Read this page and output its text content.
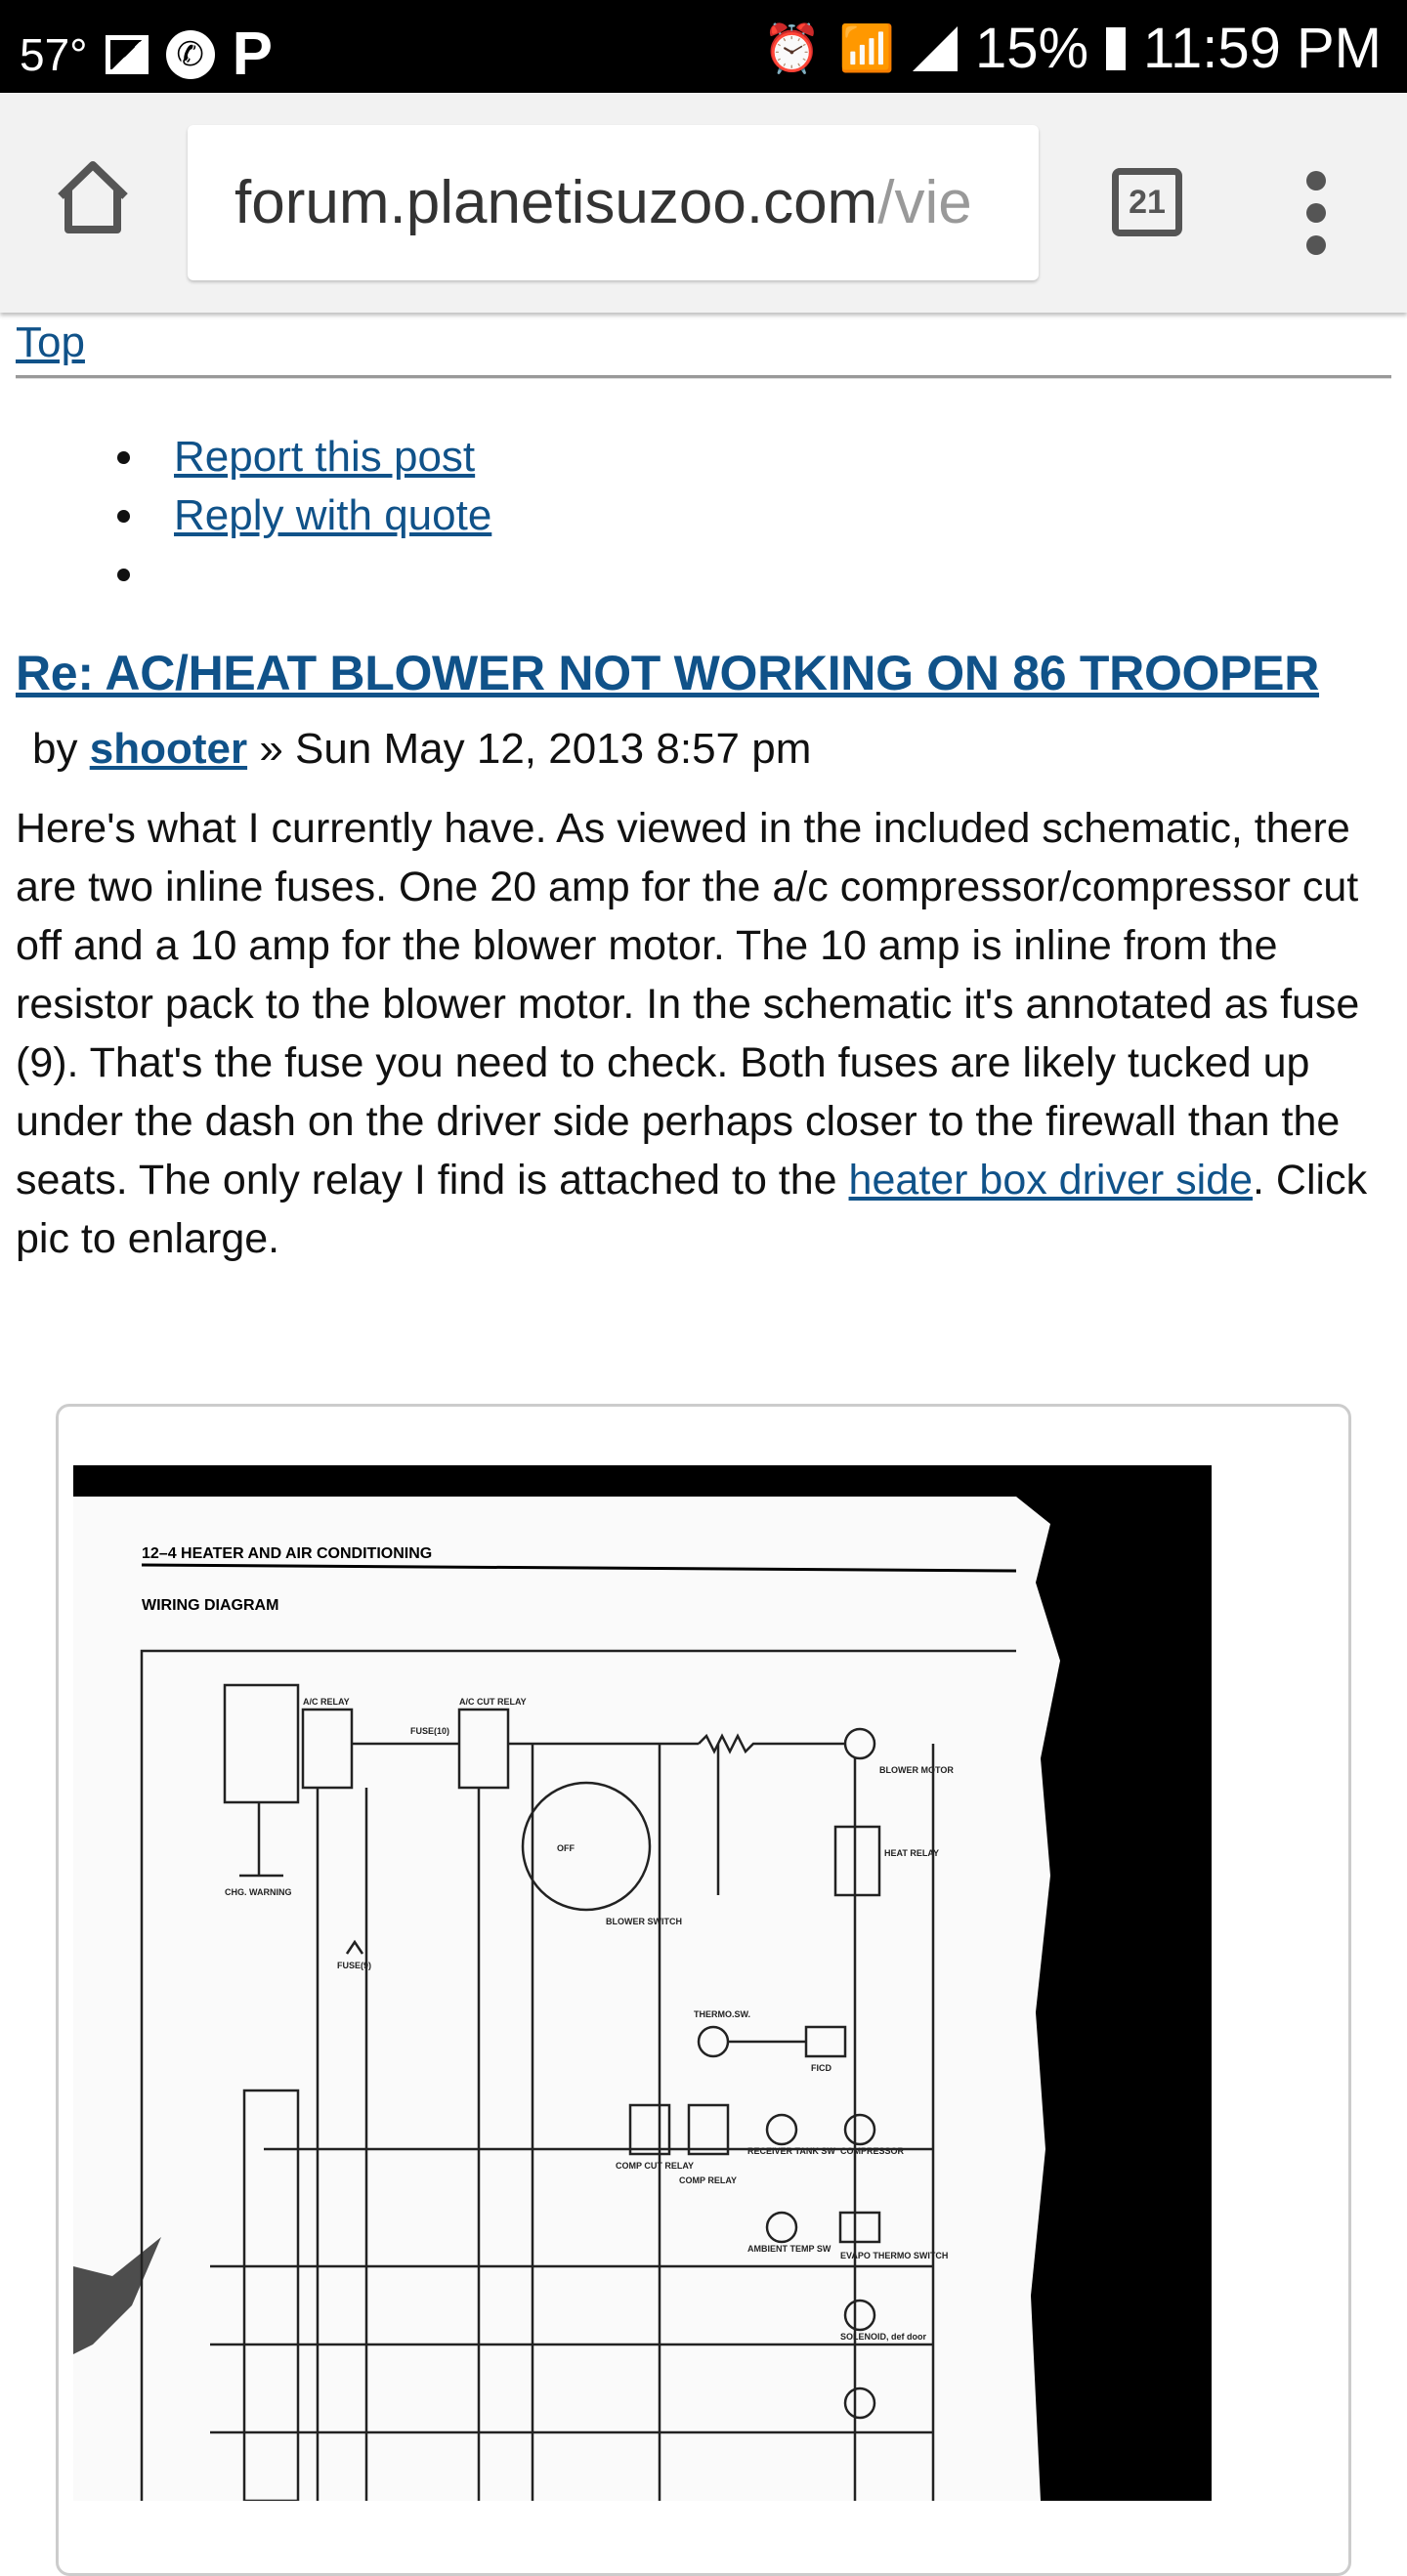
57°	✆ P	⏰ 📶 15% 11:59 PM
forum.planetisuzoo.com/vie	21
Top
• Report this post
• Reply with quote
•
Re: AC/HEAT BLOWER NOT WORKING ON 86 TROOPER
by shooter » Sun May 12, 2013 8:57 pm
Here's what I currently have. As viewed in the included schematic, there are two inline fuses. One 20 amp for the a/c compressor/compressor cut off and a 10 amp for the blower motor. The 10 amp is inline from the resistor pack to the blower motor. In the schematic it's annotated as fuse (9). That's the fuse you need to check. Both fuses are likely tucked up under the dash on the driver side perhaps closer to the firewall than the seats. The only relay I find is attached to the heater box driver side. Click pic to enlarge.
12–4 HEATER AND AIR CONDITIONING
WIRING DIAGRAM
A/C RELAY	A/C CUT RELAY
FUSE(10)
BLOWER MOTOR
HEAT RELAY
OFF
BLOWER SWITCH
CHG. WARNING
FUSE(9)
THERMO.SW.
FICD
COMP CUT RELAY
COMP RELAY
RECEIVER TANK SW COMPRESSOR
AMBIENT TEMP SW
EVAPO THERMO SWITCH
SOLENOID, def door
